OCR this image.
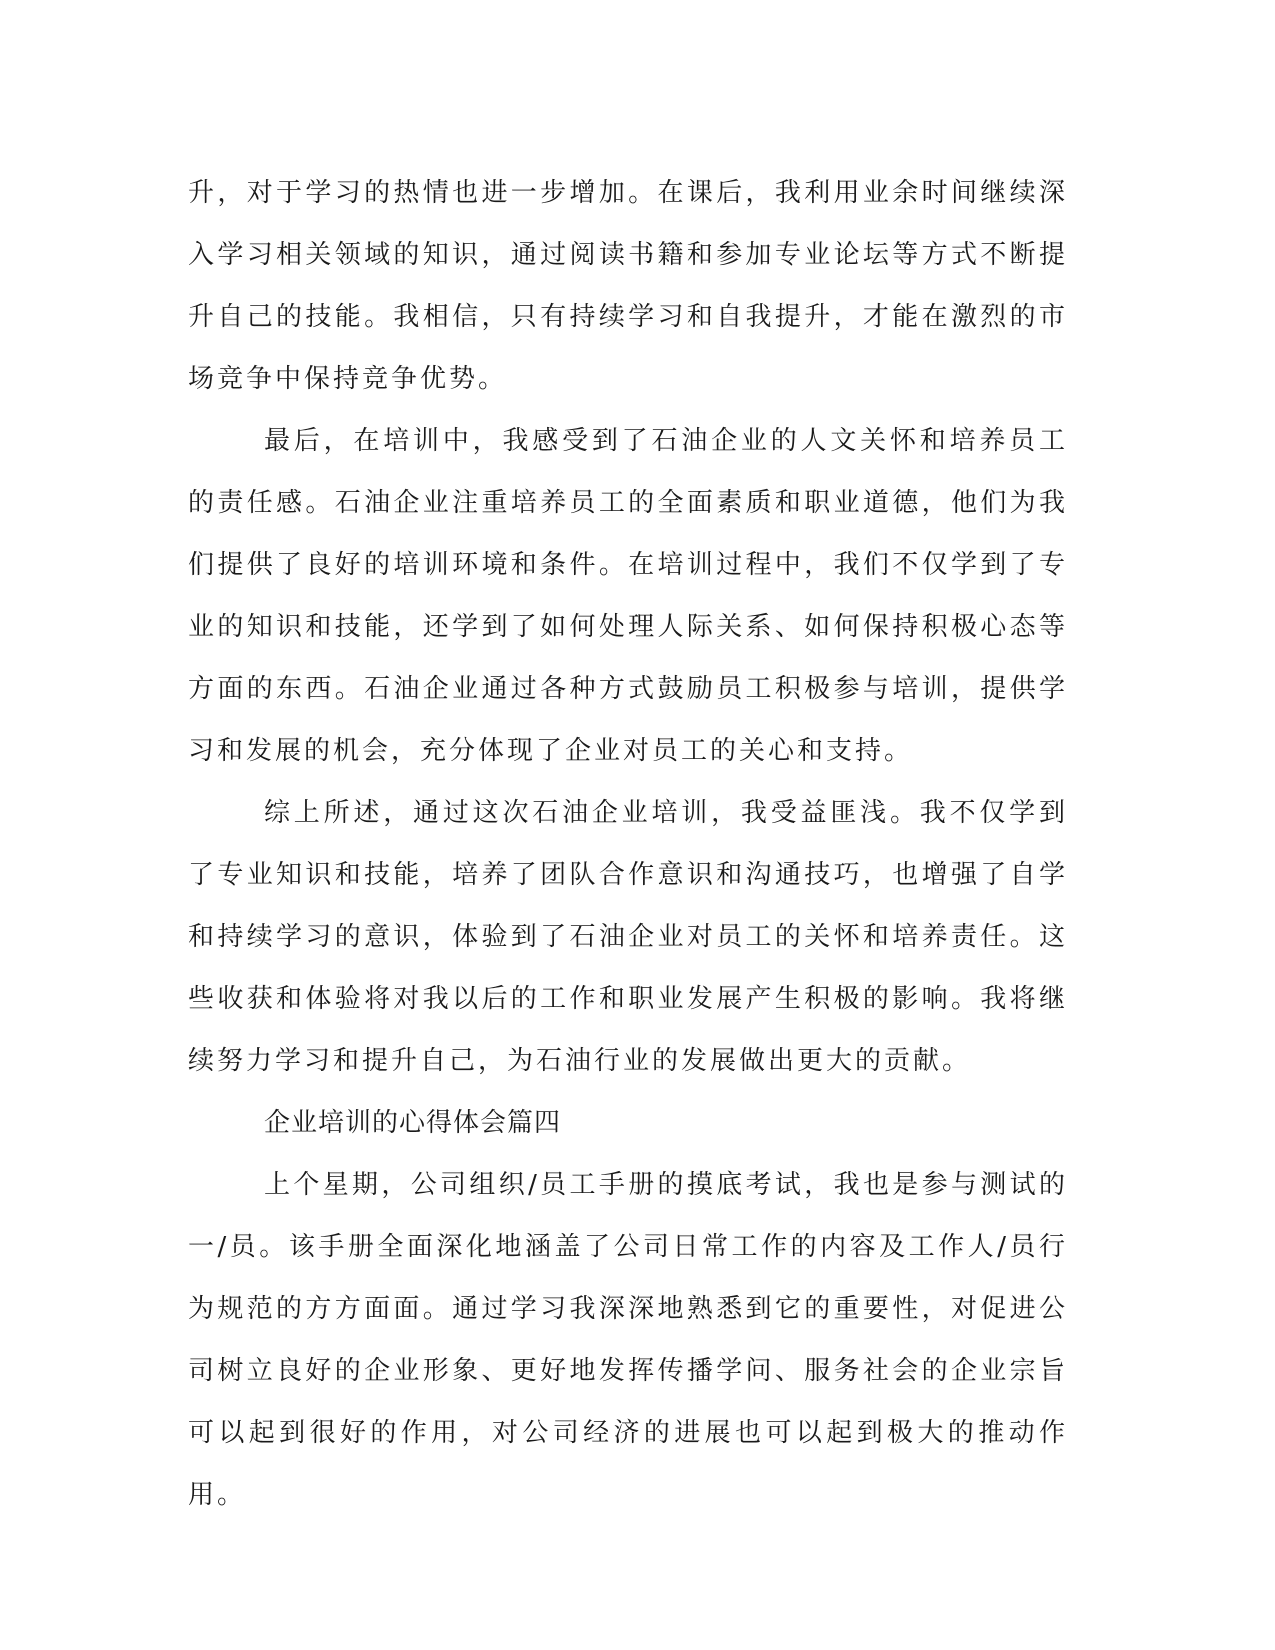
升，对于学习的热情也进一步增加。在课后，我利用业余时间继续深入学习相关领域的知识，通过阅读书籍和参加专业论坛等方式不断提升自己的技能。我相信，只有持续学习和自我提升，才能在激烈的市场竞争中保持竞争优势。

最后，在培训中，我感受到了石油企业的人文关怀和培养员工的责任感。石油企业注重培养员工的全面素质和职业道德，他们为我们提供了良好的培训环境和条件。在培训过程中，我们不仅学到了专业的知识和技能，还学到了如何处理人际关系、如何保持积极心态等方面的东西。石油企业通过各种方式鼓励员工积极参与培训，提供学习和发展的机会，充分体现了企业对员工的关心和支持。

综上所述，通过这次石油企业培训，我受益匪浅。我不仅学到了专业知识和技能，培养了团队合作意识和沟通技巧，也增强了自学和持续学习的意识，体验到了石油企业对员工的关怀和培养责任。这些收获和体验将对我以后的工作和职业发展产生积极的影响。我将继续努力学习和提升自己，为石油行业的发展做出更大的贡献。

企业培训的心得体会篇四

上个星期，公司组织/员工手册的摸底考试，我也是参与测试的一/员。该手册全面深化地涵盖了公司日常工作的内容及工作人/员行为规范的方方面面。通过学习我深深地熟悉到它的重要性，对促进公司树立良好的企业形象、更好地发挥传播学问、服务社会的企业宗旨可以起到很好的作用，对公司经济的进展也可以起到极大的推动作用。
